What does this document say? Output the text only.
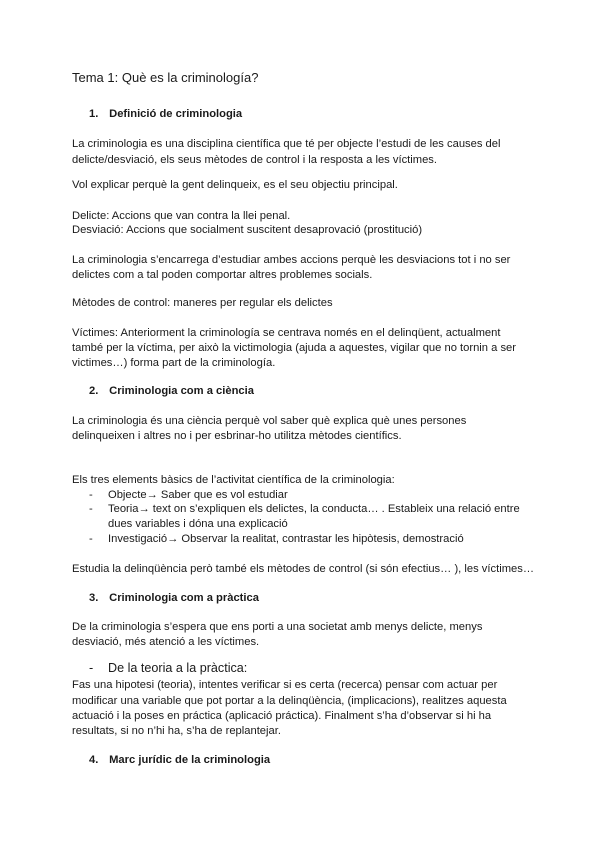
Tema 1: Què es la criminología?
1. Definició de criminologia
La criminologia es una disciplina científica que té per objecte l’estudi de les causes del
delicte/desviació, els seus mètodes de control i la resposta a les víctimes.
Vol explicar perquè la gent delinqueix, es el seu objectiu principal.
Delicte: Accions que van contra la llei penal.
Desviació: Accions que socialment suscitent desaprovació (prostitució)
La criminologia s’encarrega d’estudiar ambes accions perquè les desviacions tot i no ser
delictes com a tal poden comportar altres problemes socials.
Mètodes de control: maneres per regular els delictes
Víctimes: Anteriorment la criminología se centrava només en el delinqüent, actualment
també per la víctima, per això la victimologia (ajuda a aquestes, vigilar que no tornin a ser
victimes…) forma part de la criminología.
2. Criminologia com a ciència
La criminologia és una ciència perquè vol saber què explica què unes persones
delinqueixen i altres no i per esbrinar-ho utilitza mètodes científics.
Els tres elements bàsics de l’activitat científica de la criminologia:
- Objecte→ Saber que es vol estudiar
- Teoria→ text on s’expliquen els delictes, la conducta… . Estableix una relació entre
dues variables i dóna una explicació
- Investigació→ Observar la realitat, contrastar les hipòtesis, demostració
Estudia la delinqüència però també els mètodes de control (si són efectius… ), les víctimes…
3. Criminologia com a pràctica
De la criminologia s’espera que ens porti a una societat amb menys delicte, menys
desviació, més atenció a les víctimes.
- De la teoria a la pràctica:
Fas una hipotesi (teoria), intentes verificar si es certa (recerca) pensar com actuar per
modificar una variable que pot portar a la delinqüència, (implicacions), realitzes aquesta
actuació i la poses en práctica (aplicació práctica). Finalment s’ha d’observar si hi ha
resultats, si no n’hi ha, s’ha de replantejar.
4. Marc jurídic de la criminologia
